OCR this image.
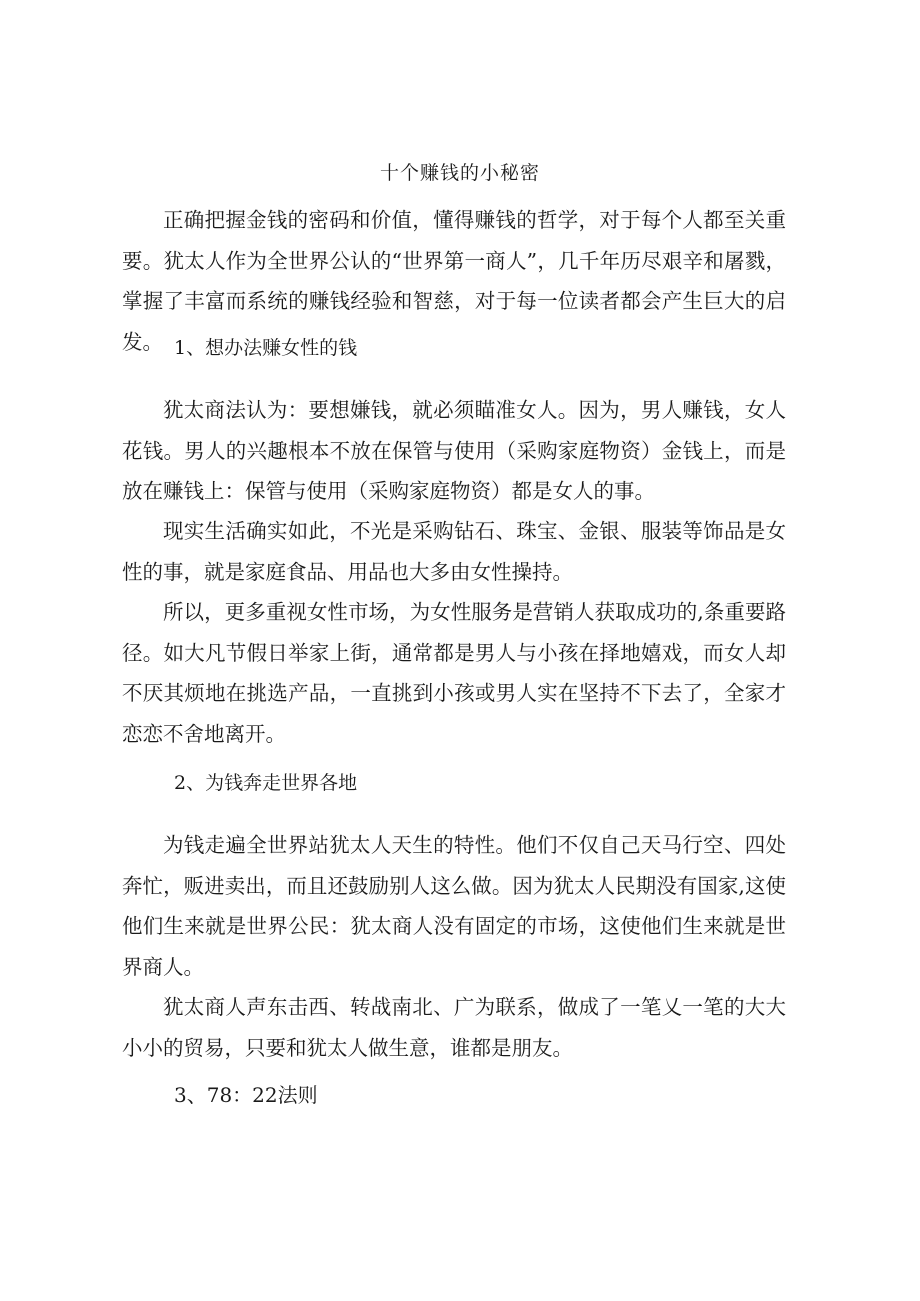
十个赚钱的小秘密

正确把握金钱的密码和价值，懂得赚钱的哲学，对于每个人都至关重要。犹太人作为全世界公认的“世界第一商人”，几千年历尽艰辛和屠戮，掌握了丰富而系统的赚钱经验和智慈，对于每一位读者都会产生巨大的启发。 1、想办法赚女性的钱

犹太商法认为：要想嫌钱，就必须瞄准女人。因为，男人赚钱，女人花钱。男人的兴趣根本不放在保管与使用（采购家庭物资）金钱上，而是放在赚钱上：保管与使用（采购家庭物资）都是女人的事。

现实生活确实如此，不光是采购钻石、珠宝、金银、服装等饰品是女性的事，就是家庭食品、用品也大多由女性操持。

所以，更多重视女性市场，为女性服务是营销人获取成功的,条重要路径。如大凡节假日举家上街，通常都是男人与小孩在择地嬉戏，而女人却不厌其烦地在挑选产品，一直挑到小孩或男人实在坚持不下去了，全家才恋恋不舍地离开。

2、为钱奔走世界各地

为钱走遍全世界站犹太人天生的特性。他们不仅自己天马行空、四处奔忙，贩进卖出，而且还鼓励别人这么做。因为犹太人民期没有国家,这使他们生来就是世界公民：犹太商人没有固定的市场，这使他们生来就是世界商人。

犹太商人声东击西、转战南北、广为联系，做成了一笔乂一笔的大大小小的贸易，只要和犹太人做生意，谁都是朋友。

3、78：22法则
